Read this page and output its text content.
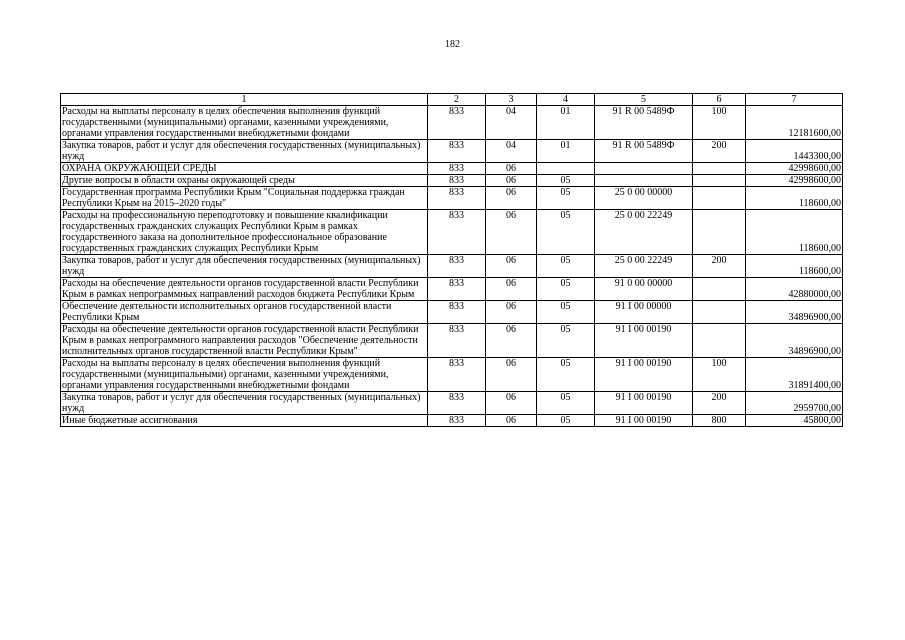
182
1	2	3	4	5	6	7
Расходы на выплаты персоналу в целях обеспечения выполнения функций государственными (муниципальными) органами, казенными учреждениями, органами управления государственными внебюджетными фондами	833	04	01	91 R 00 5489Ф	100	12181600,00
Закупка товаров, работ и услуг для обеспечения государственных (муниципальных) нужд	833	04	01	91 R 00 5489Ф	200	1443300,00
ОХРАНА ОКРУЖАЮЩЕЙ СРЕДЫ	833	06				42998600,00
Другие вопросы в области охраны окружающей среды	833	06	05			42998600,00
Государственная программа Республики Крым "Социальная поддержка граждан Республики Крым на 2015–2020 годы"	833	06	05	25 0 00 00000		118600,00
Расходы на профессиональную переподготовку и повышение квалификации государственных гражданских служащих Республики Крым в рамках государственного заказа на дополнительное профессиональное образование государственных гражданских служащих Республики Крым	833	06	05	25 0 00 22249		118600,00
Закупка товаров, работ и услуг для обеспечения государственных (муниципальных) нужд	833	06	05	25 0 00 22249	200	118600,00
Расходы на обеспечение деятельности органов государственной власти Республики Крым в рамках непрограммных направлений расходов бюджета Республики Крым	833	06	05	91 0 00 00000		42880000,00
Обеспечение деятельности исполнительных органов государственной власти Республики Крым	833	06	05	91 I 00 00000		34896900,00
Расходы на обеспечение деятельности органов государственной власти Республики Крым в рамках непрограммного направления расходов "Обеспечение деятельности исполнительных органов государственной власти Республики Крым"	833	06	05	91 I 00 00190		34896900,00
Расходы на выплаты персоналу в целях обеспечения выполнения функций государственными (муниципальными) органами, казенными учреждениями, органами управления государственными внебюджетными фондами	833	06	05	91 I 00 00190	100	31891400,00
Закупка товаров, работ и услуг для обеспечения государственных (муниципальных) нужд	833	06	05	91 I 00 00190	200	2959700,00
Иные бюджетные ассигнования	833	06	05	91 I 00 00190	800	45800,00
